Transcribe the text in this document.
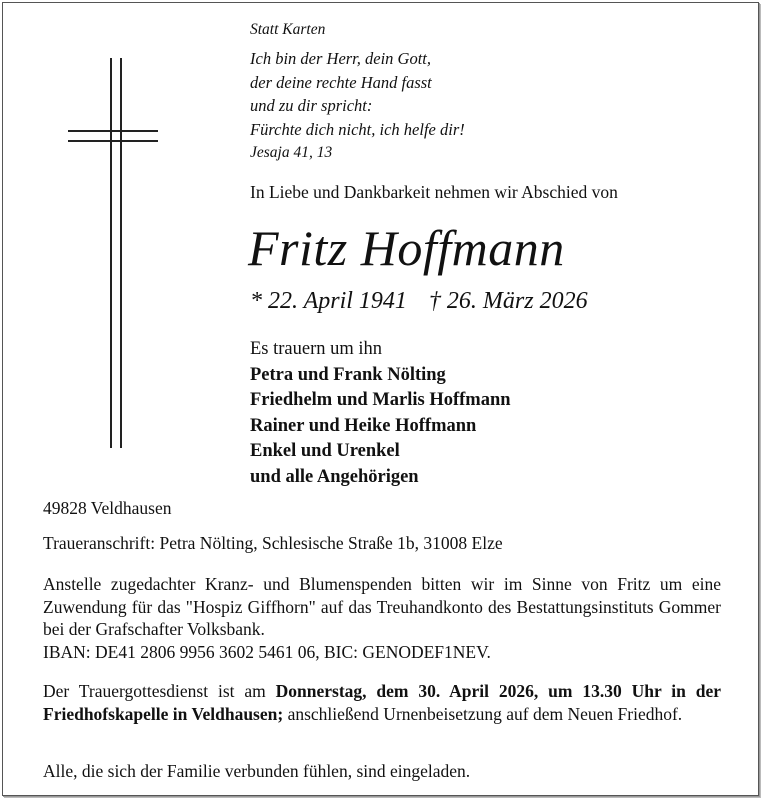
Statt Karten
Ich bin der Herr, dein Gott,
der deine rechte Hand fasst
und zu dir spricht:
Fürchte dich nicht, ich helfe dir!
Jesaja 41, 13
In Liebe und Dankbarkeit nehmen wir Abschied von
Fritz Hoffmann
* 22. April 1941 † 26. März 2026
Es trauern um ihn
Petra und Frank Nölting
Friedhelm und Marlis Hoffmann
Rainer und Heike Hoffmann
Enkel und Urenkel
und alle Angehörigen
49828 Veldhausen
Traueranschrift: Petra Nölting, Schlesische Straße 1b, 31008 Elze
Anstelle zugedachter Kranz- und Blumenspenden bitten wir im Sinne von Fritz um eine Zuwendung für das "Hospiz Giffhorn" auf das Treuhandkonto des Bestattungsinstituts Gommer bei der Grafschafter Volksbank.
IBAN: DE41 2806 9956 3602 5461 06, BIC: GENODEF1NEV.
Der Trauergottesdienst ist am Donnerstag, dem 30. April 2026, um 13.30 Uhr in der Friedhofskapelle in Veldhausen; anschließend Urnenbeisetzung auf dem Neuen Friedhof.
Alle, die sich der Familie verbunden fühlen, sind eingeladen.
